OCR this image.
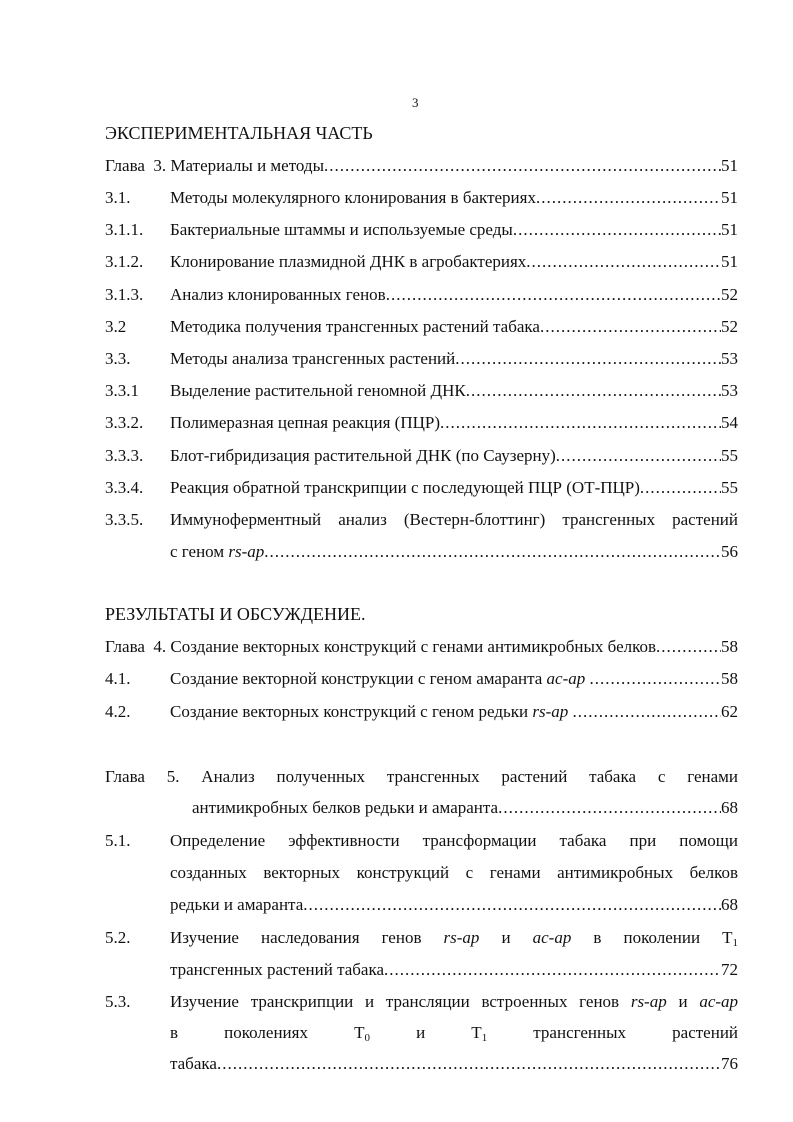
3
ЭКСПЕРИМЕНТАЛЬНАЯ ЧАСТЬ
Глава  3. Материалы и методы .....	51
3.1. Методы молекулярного клонирования в бактериях .....	51
3.1.1. Бактериальные штаммы и используемые среды .....	51
3.1.2. Клонирование плазмидной ДНК в агробактериях .....	51
3.1.3. Анализ клонированных генов .....	52
3.2	Методика получения трансгенных растений табака .....	52
3.3. Методы анализа трансгенных растений .....	53
3.3.1 Выделение растительной геномной ДНК .....	53
3.3.2. Полимеразная цепная реакция (ПЦР) .....	54
3.3.3. Блот-гибридизация растительной ДНК (по Саузерну) .....	55
3.3.4. Реакция обратной транскрипции с последующей ПЦР (ОТ-ПЦР) .....	55
3.3.5. Иммуноферментный анализ (Вестерн-блоттинг) трансгенных растений
с геном rs-ap .....	56
РЕЗУЛЬТАТЫ И ОБСУЖДЕНИЕ.
Глава  4. Создание векторных конструкций с генами антимикробных белков .....	58
4.1. Создание векторной конструкции с геном амаранта ac-ap .....	58
4.2. Создание векторных конструкций с геном редьки rs-ap .....	62
Глава 5. Анализ полученных трансгенных растений табака с генами
антимикробных белков редьки и амаранта .....	68
5.1. Определение эффективности трансформации табака при помощи
созданных векторных конструкций с генами антимикробных белков
редьки и амаранта .....	68
5.2. Изучение наследования генов rs-ap и ac-ap в поколении $T_1$
трансгенных растений табака .....	72
5.3. Изучение транскрипции и трансляции встроенных генов rs-ap и ac-ap
в	поколениях	$T_0$	и	$T_1$	трансгенных	растений
табака .....	76
